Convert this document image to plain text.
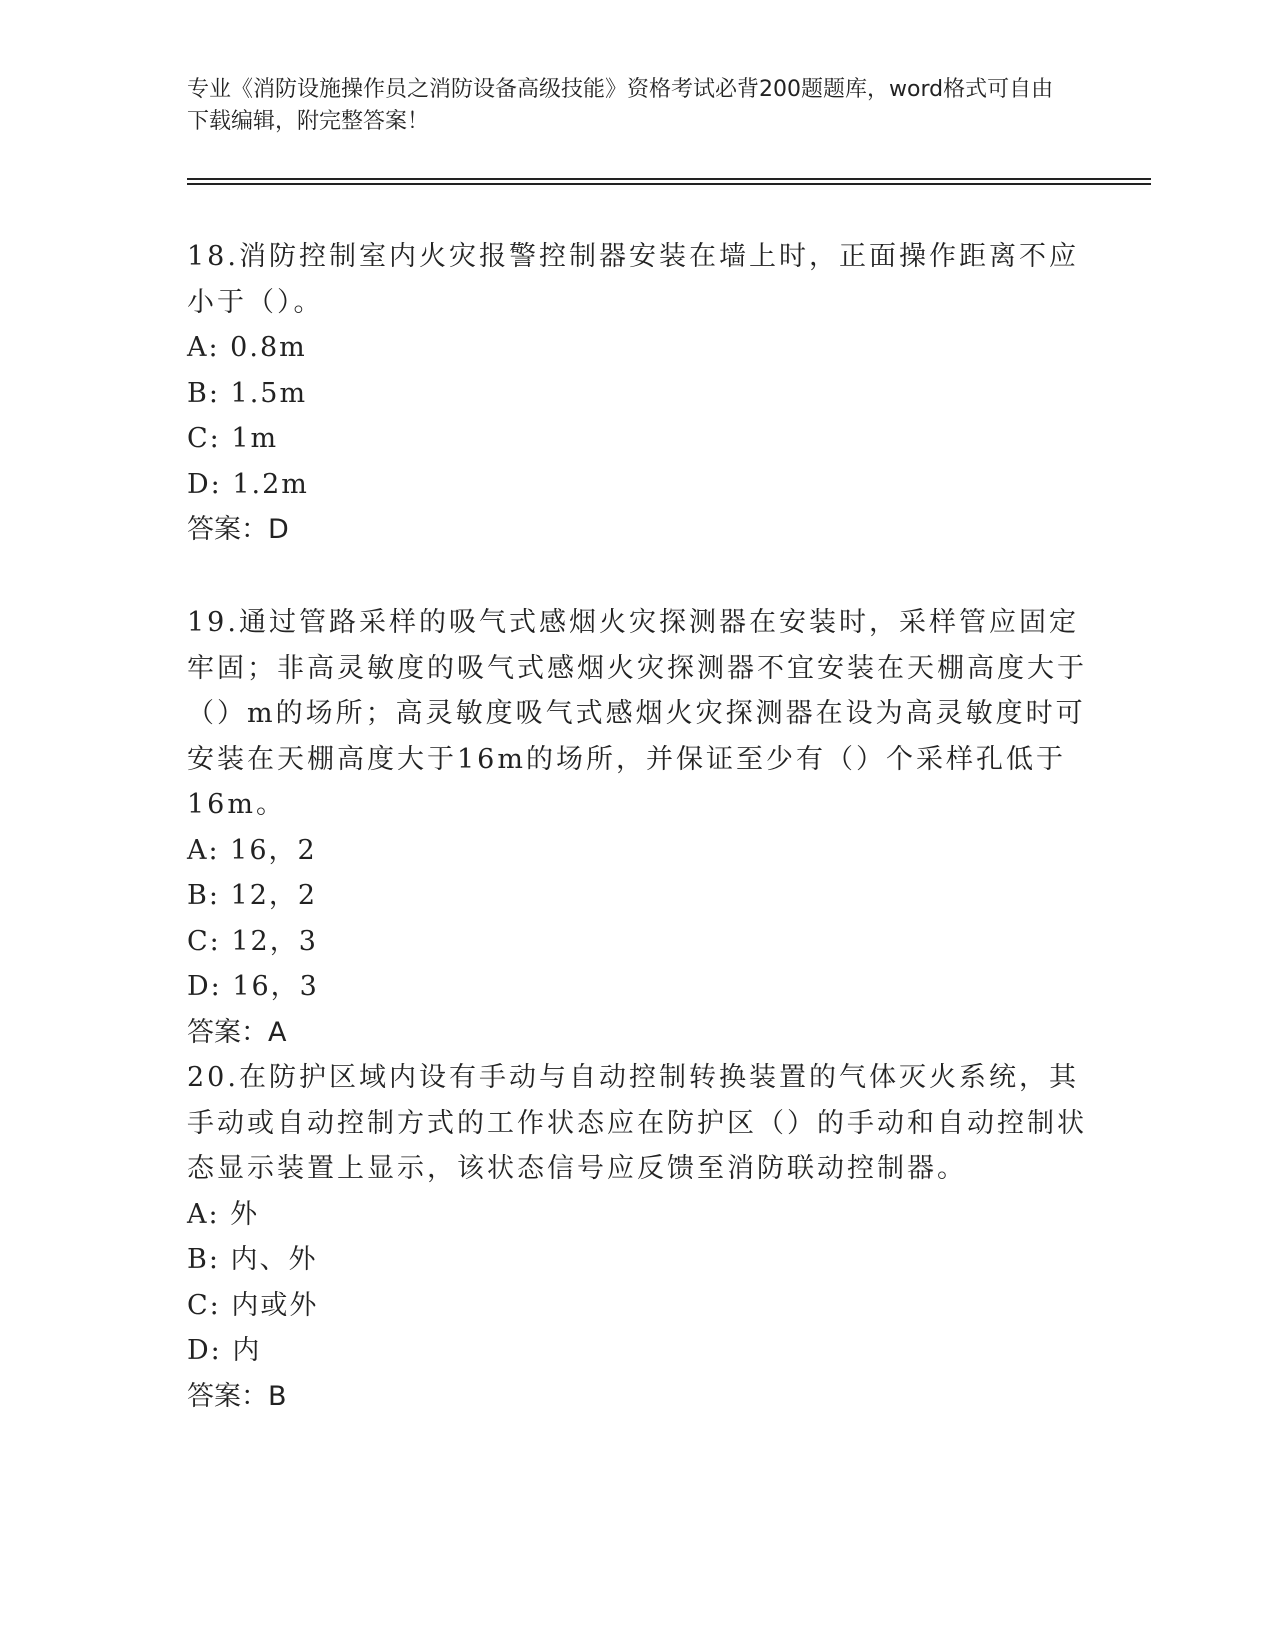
专业《消防设施操作员之消防设备高级技能》资格考试必背200题题库，word格式可自由下载编辑，附完整答案！

18.消防控制室内火灾报警控制器安装在墙上时，正面操作距离不应小于（）。

A: 0.8m

B: 1.5m

C: 1m

D: 1.2m

答案：D

19.通过管路采样的吸气式感烟火灾探测器在安装时，采样管应固定牢固；非高灵敏度的吸气式感烟火灾探测器不宜安装在天棚高度大于（）m的场所；高灵敏度吸气式感烟火灾探测器在设为高灵敏度时可安装在天棚高度大于16m的场所，并保证至少有（）个采样孔低于16m。

A: 16，2

B: 12，2

C: 12，3

D: 16，3

答案：A

20.在防护区域内设有手动与自动控制转换装置的气体灭火系统，其手动或自动控制方式的工作状态应在防护区（）的手动和自动控制状态显示装置上显示，该状态信号应反馈至消防联动控制器。

A: 外

B: 内、外

C: 内或外

D: 内

答案：B
